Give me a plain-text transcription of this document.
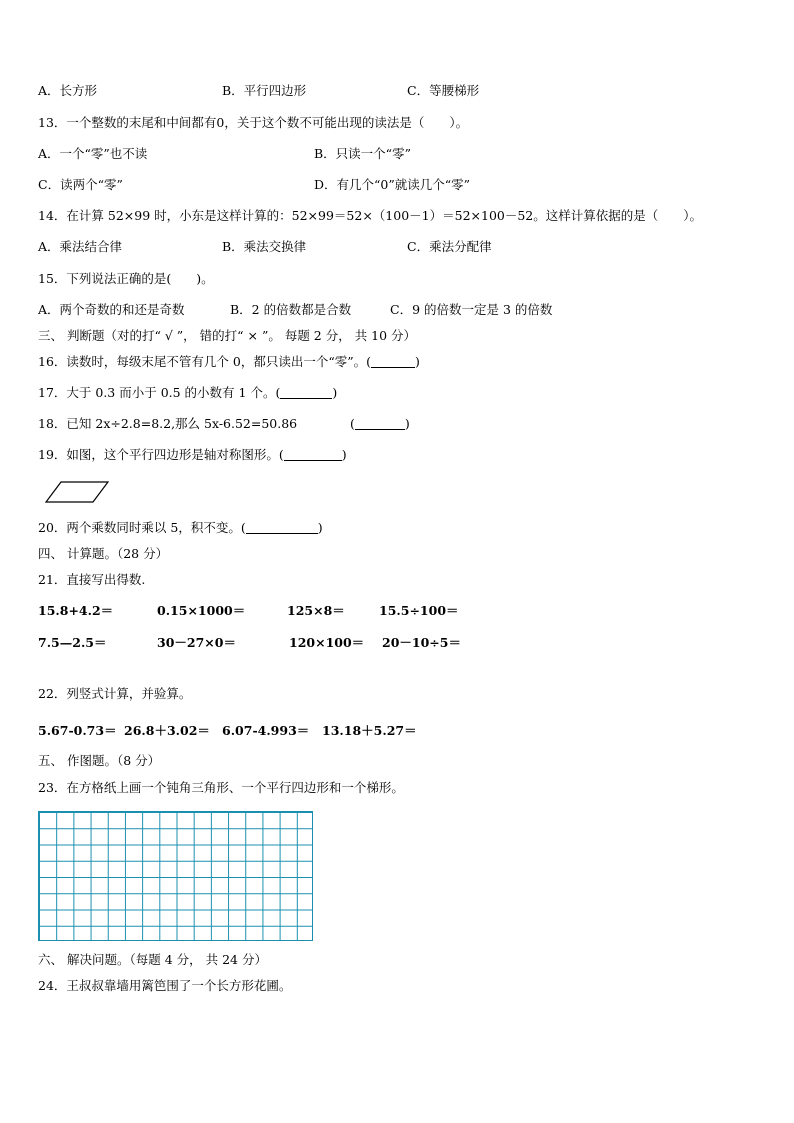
A．长方形	B．平行四边形	C．等腰梯形
13．一个整数的末尾和中间都有0，关于这个数不可能出现的读法是（　　）。
A．一个“零”也不读	B．只读一个“零”
C．读两个“零”	D．有几个“0”就读几个“零”
14．在计算 52×99 时，小东是这样计算的：52×99＝52×（100－1）＝52×100－52。这样计算依据的是（　　）。
A．乘法结合律	B．乘法交换律	C．乘法分配律
15．下列说法正确的是(　　)。
A．两个奇数的和还是奇数	B．2 的倍数都是合数	C．9 的倍数一定是 3 的倍数
三、 判断题（对的打“ √ ”， 错的打“ × ”。 每题 2 分， 共 10 分）
16．读数时，每级末尾不管有几个 0，都只读出一个“零”。(	)
17．大于 0.3 而小于 0.5 的小数有 1 个。(	)
18．已知 2x÷2.8=8.2,那么 5x-6.52=50.86	(	)
19．如图，这个平行四边形是轴对称图形。(	)
20．两个乘数同时乘以 5，积不变。(	)
四、 计算题。（28 分）
21．直接写出得数.
15.8+4.2＝	0.15×1000＝	125×8＝	15.5÷100＝
7.5—2.5＝	30－27×0＝	120×100＝ 20－10÷5＝
22．列竖式计算，并验算。
5.67-0.73＝ 26.8＋3.02＝ 6.07-4.993＝ 13.18＋5.27＝
五、 作图题。（8 分）
23．在方格纸上画一个钝角三角形、一个平行四边形和一个梯形。
六、 解决问题。（每题 4 分， 共 24 分）
24．王叔叔靠墙用篱笆围了一个长方形花圃。
